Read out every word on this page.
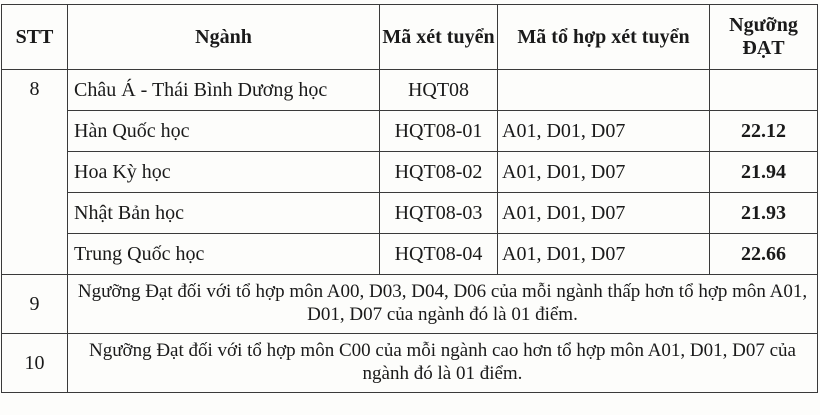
STT	Ngành	Mã xét tuyển	Mã tổ hợp xét tuyển	Ngưỡng ĐẠT
8	Châu Á - Thái Bình Dương học	HQT08		
	Hàn Quốc học	HQT08-01	A01, D01, D07	22.12
	Hoa Kỳ học	HQT08-02	A01, D01, D07	21.94
	Nhật Bản học	HQT08-03	A01, D01, D07	21.93
	Trung Quốc học	HQT08-04	A01, D01, D07	22.66
9	Ngưỡng Đạt đối với tổ hợp môn A00, D03, D04, D06 của mỗi ngành thấp hơn tổ hợp môn A01, D01, D07 của ngành đó là 01 điểm.			
10	Ngưỡng Đạt đối với tổ hợp môn C00 của mỗi ngành cao hơn tổ hợp môn A01, D01, D07 của ngành đó là 01 điểm.			
